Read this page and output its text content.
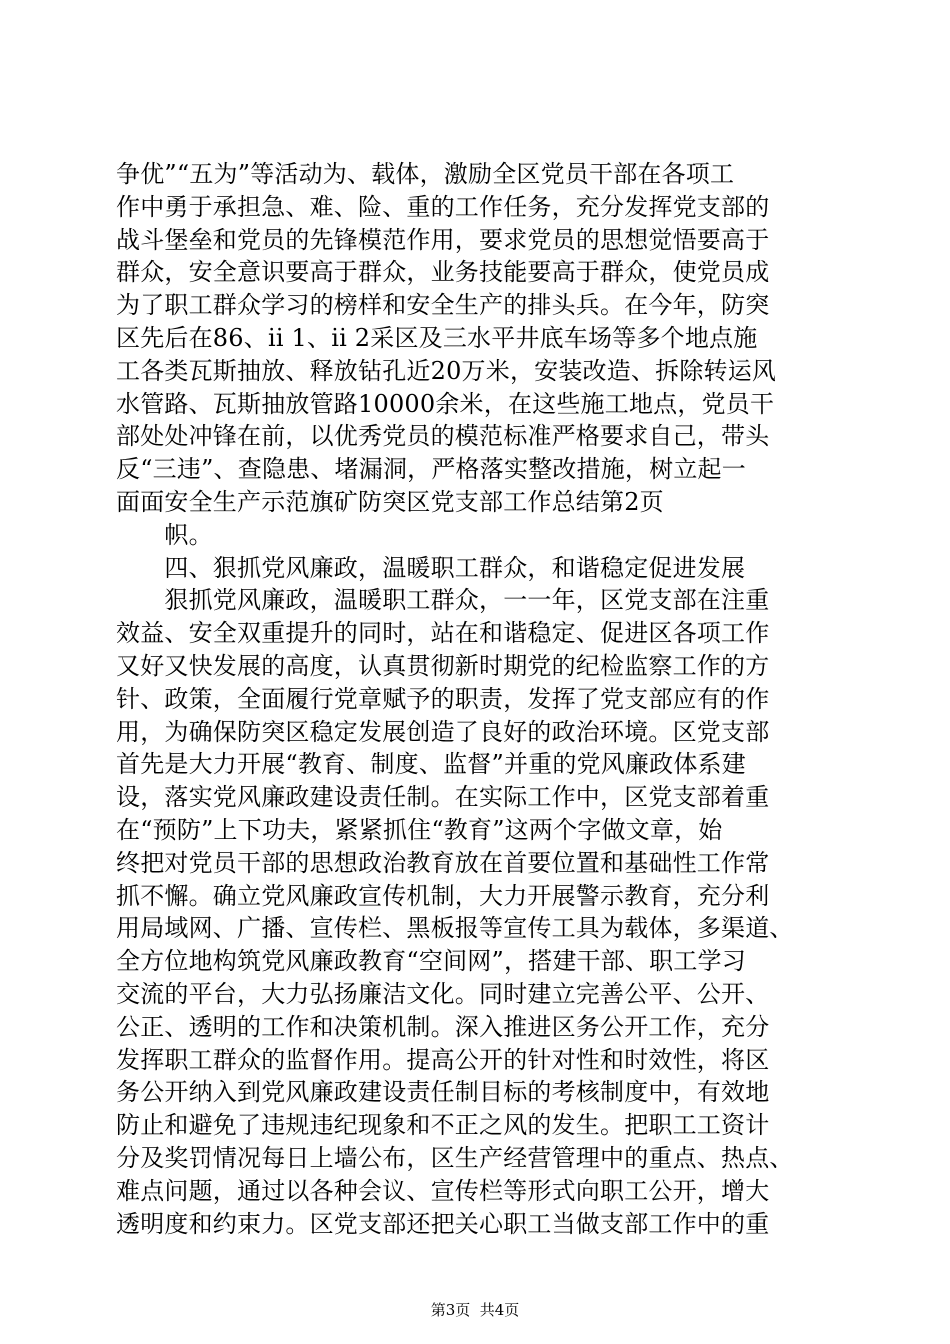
争优”“五为”等活动为、载体，激励全区党员干部在各项工
作中勇于承担急、难、险、重的工作任务，充分发挥党支部的
战斗堡垒和党员的先锋模范作用，要求党员的思想觉悟要高于
群众，安全意识要高于群众，业务技能要高于群众，使党员成
为了职工群众学习的榜样和安全生产的排头兵。在今年，防突
区先后在86、ii 1、ii 2采区及三水平井底车场等多个地点施
工各类瓦斯抽放、释放钻孔近20万米，安装改造、拆除转运风
水管路、瓦斯抽放管路10000余米，在这些施工地点，党员干
部处处冲锋在前，以优秀党员的模范标准严格要求自己，带头
反“三违”、查隐患、堵漏洞，严格落实整改措施，树立起一
面面安全生产示范旗矿防突区党支部工作总结第2页
　　帜。
　　四、狠抓党风廉政，温暖职工群众，和谐稳定促进发展
　　狠抓党风廉政，温暖职工群众，一一年，区党支部在注重
效益、安全双重提升的同时，站在和谐稳定、促进区各项工作
又好又快发展的高度，认真贯彻新时期党的纪检监察工作的方
针、政策，全面履行党章赋予的职责，发挥了党支部应有的作
用，为确保防突区稳定发展创造了良好的政治环境。区党支部
首先是大力开展“教育、制度、监督”并重的党风廉政体系建
设，落实党风廉政建设责任制。在实际工作中，区党支部着重
在“预防”上下功夫，紧紧抓住“教育”这两个字做文章，始
终把对党员干部的思想政治教育放在首要位置和基础性工作常
抓不懈。确立党风廉政宣传机制，大力开展警示教育，充分利
用局域网、广播、宣传栏、黑板报等宣传工具为载体，多渠道、
全方位地构筑党风廉政教育“空间网”，搭建干部、职工学习
交流的平台，大力弘扬廉洁文化。同时建立完善公平、公开、
公正、透明的工作和决策机制。深入推进区务公开工作，充分
发挥职工群众的监督作用。提高公开的针对性和时效性，将区
务公开纳入到党风廉政建设责任制目标的考核制度中，有效地
防止和避免了违规违纪现象和不正之风的发生。把职工工资计
分及奖罚情况每日上墙公布，区生产经营管理中的重点、热点、
难点问题，通过以各种会议、宣传栏等形式向职工公开，增大
透明度和约束力。区党支部还把关心职工当做支部工作中的重
第3页  共4页
